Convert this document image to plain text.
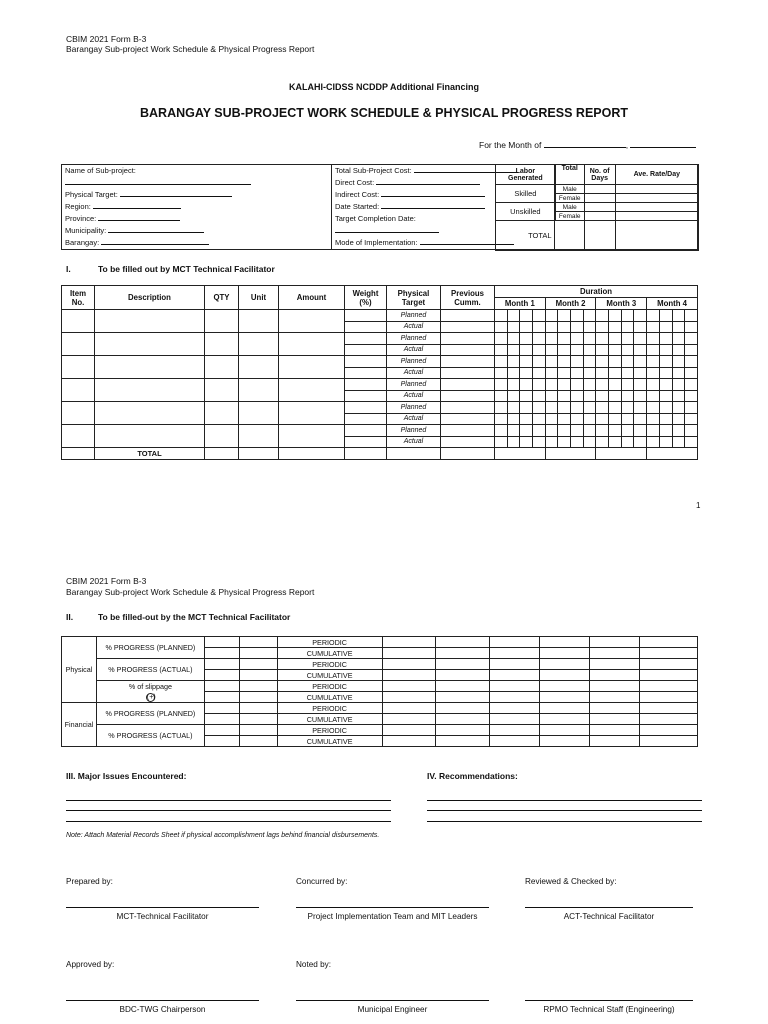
CBIM 2021 Form B-3
Barangay Sub-project Work Schedule & Physical Progress Report
KALAHI-CIDSS NCDDP Additional Financing
BARANGAY SUB-PROJECT WORK SCHEDULE & PHYSICAL PROGRESS REPORT
For the Month of	,
Name of Sub-project:
Physical Target:
Region:
Province:
Municipality:
Barangay:
Total Sub-Project Cost:
Direct Cost:
Indirect Cost:
Date Started:
Target Completion Date:
Mode of Implementation:
Labor Generated	Total	No. of Days	Ave. Rate/Day
Skilled	Male		
	Female		
Unskilled	Male		
	Female		
TOTAL			
I.	To be filled out by MCT Technical Facilitator
Item No.	Description	QTY	Unit	Amount	Weight (%)	Physical Target	Previous Cumm.	Duration															
								Month 1				Month 2				Month 3				Month 4			
						Planned																	
						Actual																	
						Planned																	
						Actual																	
						Planned																	
						Actual																	
						Planned																	
						Actual																	
						Planned																	
						Actual																	
						Planned																	
						Actual																	
	TOTAL																						
1
CBIM 2021 Form B-3
Barangay Sub-project Work Schedule & Physical Progress Report
II.	To be filled-out by the MCT Technical Facilitator
Physical	% PROGRESS (PLANNED)			PERIODIC						
				CUMULATIVE						
	% PROGRESS (ACTUAL)			PERIODIC						
				CUMULATIVE						
	% of slippage			PERIODIC						
	(+)			CUMULATIVE						
Financial	% PROGRESS (PLANNED)			PERIODIC						
				CUMULATIVE						
	% PROGRESS (ACTUAL)			PERIODIC						
				CUMULATIVE						
III. Major Issues Encountered:	IV. Recommendations:
Note: Attach Material Records Sheet if physical accomplishment lags behind financial disbursements.
Prepared by:	Concurred by:	Reviewed & Checked by:
MCT-Technical Facilitator	Project Implementation Team and MIT Leaders	ACT-Technical Facilitator
Approved by:	Noted by:
BDC-TWG Chairperson	Municipal Engineer	RPMO Technical Staff (Engineering)
